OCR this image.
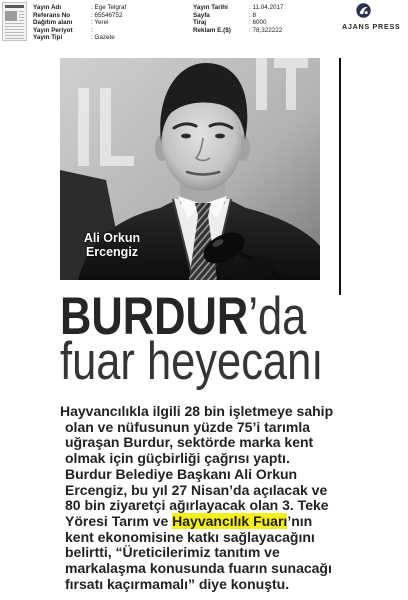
Yayın Adı	: Ege Telgraf
Referans No	: 65546752
Dağıtım alanı	: Yerel
Yayın Periyot	:
Yayın Tipi	: Gazete
Yayın Tarihi	: 11.04.2017
Sayfa	: 8
Tiraj	: 6000
Reklam E.($)	: 78,322222	AJANS PRESS
Ali Orkun
Ercengiz
BURDUR’da
fuar heyecanı
Hayvancılıkla ilgili 28 bin işletmeye sahip
olan ve nüfusunun yüzde 75’i tarımla
uğraşan Burdur, sektörde marka kent
olmak için güçbirliği çağrısı yaptı.
Burdur Belediye Başkanı Ali Orkun
Ercengiz, bu yıl 27 Nisan’da açılacak ve
80 bin ziyaretçi ağırlayacak olan 3. Teke
Yöresi Tarım ve Hayvancılık Fuarı’nın
kent ekonomisine katkı sağlayacağını
belirtti, “Üreticilerimiz tanıtım ve
markalaşma konusunda fuarın sunacağı
fırsatı kaçırmamalı” diye konuştu.
